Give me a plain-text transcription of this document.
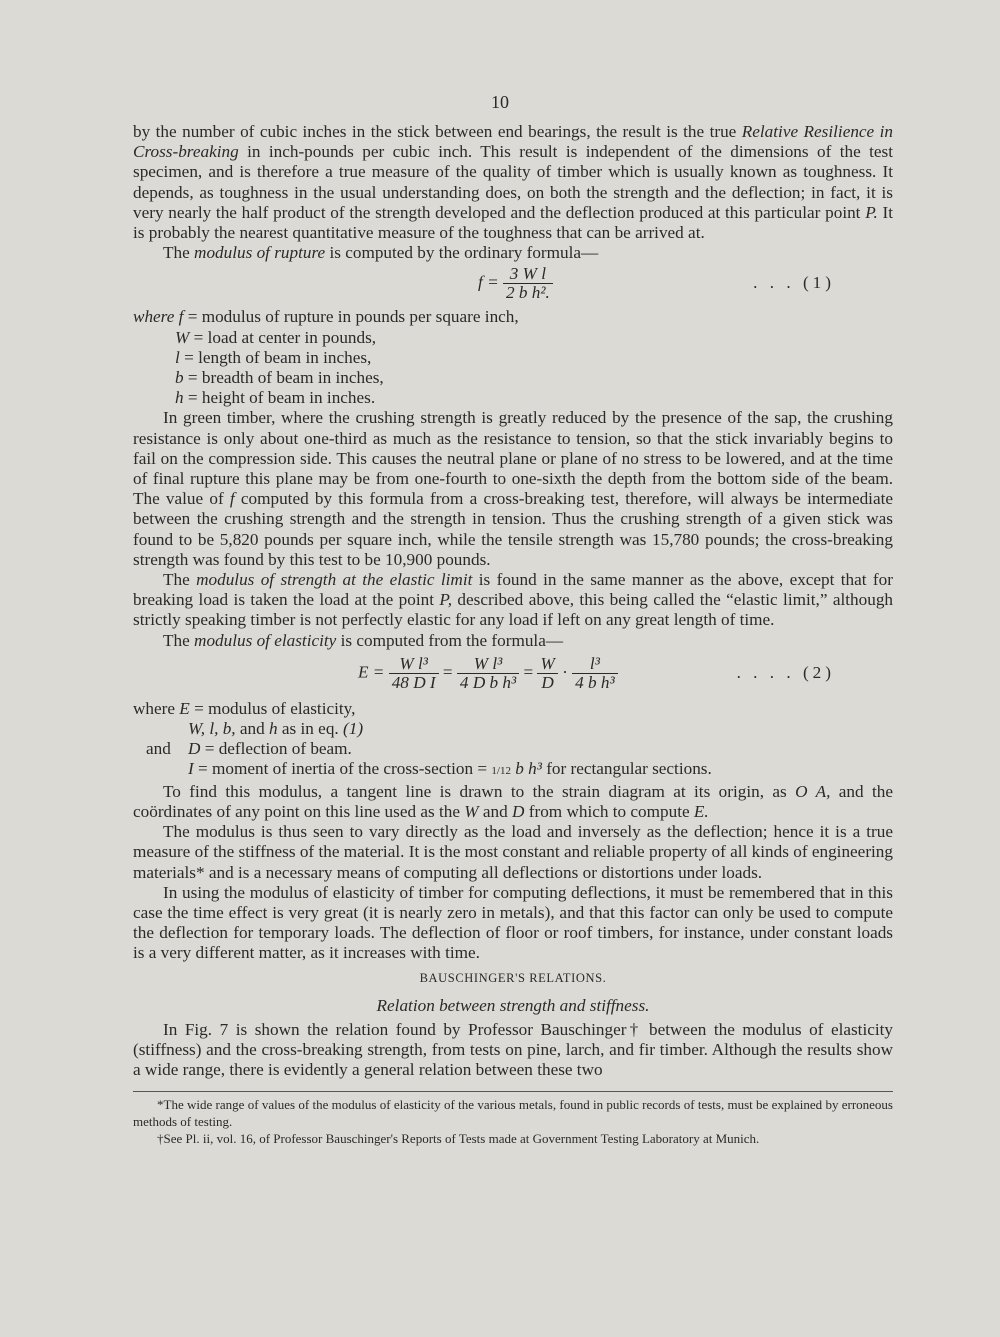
10

by the number of cubic inches in the stick between end bearings, the result is the true Relative Resilience in Cross-breaking in inch-pounds per cubic inch. This result is independent of the dimensions of the test specimen, and is therefore a true measure of the quality of timber which is usually known as toughness. It depends, as toughness in the usual understanding does, on both the strength and the deflection; in fact, it is very nearly the half product of the strength developed and the deflection produced at this particular point P. It is probably the nearest quantitative measure of the toughness that can be arrived at.

The modulus of rupture is computed by the ordinary formula—

$f = \frac{\text{3 W l}}{\text{2 b h².}}$	. . . (1)
where f = modulus of rupture in pounds per square inch,
W = load at center in pounds,
l = length of beam in inches,
b = breadth of beam in inches,
h = height of beam in inches.

In green timber, where the crushing strength is greatly reduced by the presence of the sap, the crushing resistance is only about one-third as much as the resistance to tension, so that the stick invariably begins to fail on the compression side. This causes the neutral plane or plane of no stress to be lowered, and at the time of final rupture this plane may be from one-fourth to one-sixth the depth from the bottom side of the beam. The value of f computed by this formula from a cross-breaking test, therefore, will always be intermediate between the crushing strength and the strength in tension. Thus the crushing strength of a given stick was found to be 5,820 pounds per square inch, while the tensile strength was 15,780 pounds; the cross-breaking strength was found by this test to be 10,900 pounds.

The modulus of strength at the elastic limit is found in the same manner as the above, except that for breaking load is taken the load at the point P, described above, this being called the “elastic limit,” although strictly speaking timber is not perfectly elastic for any load if left on any great length of time.

The modulus of elasticity is computed from the formula—

$E = \frac{\text{W l³}}{\text{48 D I}} = \frac{\text{W l³}}{\text{4 D b h³}} = \frac{W}{D} \cdot \frac{\text{l³}}{\text{4 b h³}}$	. . . . (2)
where E = modulus of elasticity,
W, l, b, and h as in eq. (1)
and D = deflection of beam.
I = moment of inertia of the cross-section = 1/12 b h³ for rectangular sections.

To find this modulus, a tangent line is drawn to the strain diagram at its origin, as O A, and the coördinates of any point on this line used as the W and D from which to compute E.

The modulus is thus seen to vary directly as the load and inversely as the deflection; hence it is a true measure of the stiffness of the material. It is the most constant and reliable property of all kinds of engineering materials* and is a necessary means of computing all deflections or distortions under loads.

In using the modulus of elasticity of timber for computing deflections, it must be remembered that in this case the time effect is very great (it is nearly zero in metals), and that this factor can only be used to compute the deflection for temporary loads. The deflection of floor or roof timbers, for instance, under constant loads is a very different matter, as it increases with time.

BAUSCHINGER'S RELATIONS.
Relation between strength and stiffness.

In Fig. 7 is shown the relation found by Professor Bauschinger† between the modulus of elasticity (stiffness) and the cross-breaking strength, from tests on pine, larch, and fir timber. Although the results show a wide range, there is evidently a general relation between these two

*The wide range of values of the modulus of elasticity of the various metals, found in public records of tests, must be explained by erroneous methods of testing.

†See Pl. ii, vol. 16, of Professor Bauschinger's Reports of Tests made at Government Testing Laboratory at Munich.
